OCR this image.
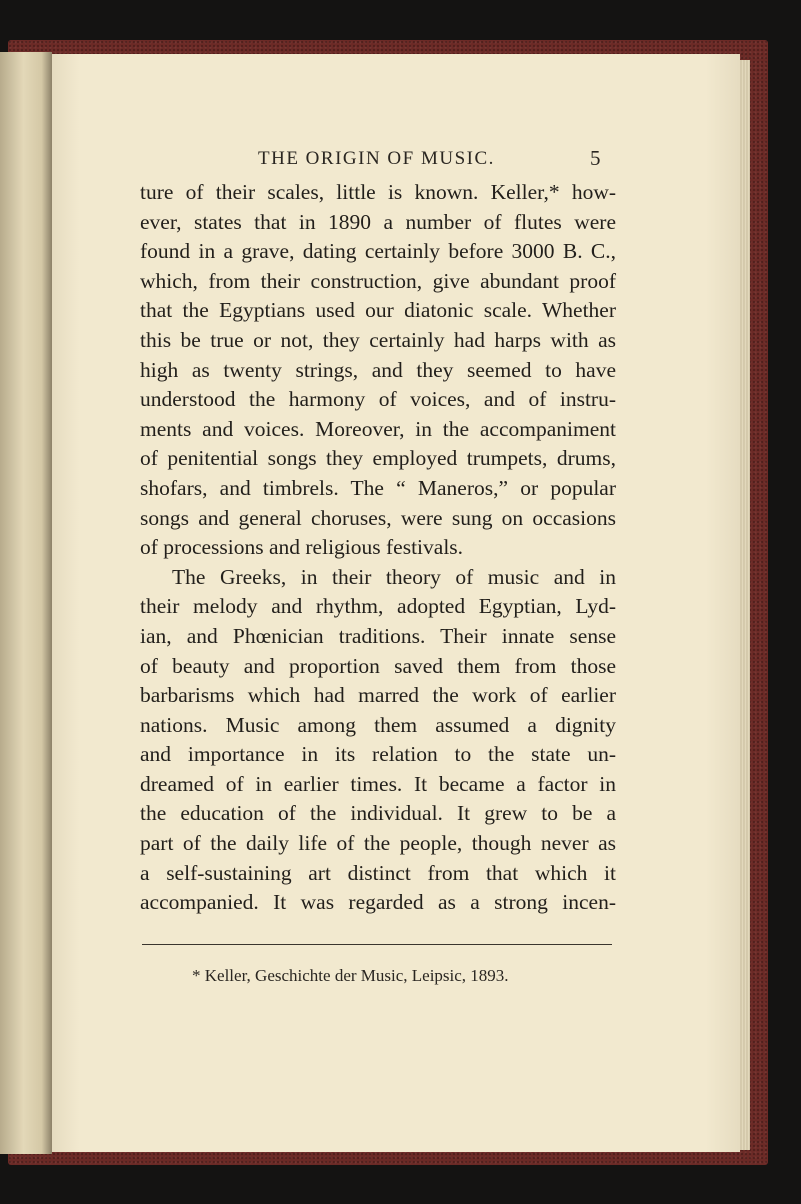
THE ORIGIN OF MUSIC.	5
ture of their scales, little is known. Keller,* how-
ever, states that in 1890 a number of flutes were
found in a grave, dating certainly before 3000 B. C.,
which, from their construction, give abundant proof
that the Egyptians used our diatonic scale. Whether
this be true or not, they certainly had harps with as
high as twenty strings, and they seemed to have
understood the harmony of voices, and of instru-
ments and voices. Moreover, in the accompaniment
of penitential songs they employed trumpets, drums,
shofars, and timbrels. The “ Maneros,” or popular
songs and general choruses, were sung on occasions
of processions and religious festivals.
The Greeks, in their theory of music and in
their melody and rhythm, adopted Egyptian, Lyd-
ian, and Phœnician traditions. Their innate sense
of beauty and proportion saved them from those
barbarisms which had marred the work of earlier
nations. Music among them assumed a dignity
and importance in its relation to the state un-
dreamed of in earlier times. It became a factor in
the education of the individual. It grew to be a
part of the daily life of the people, though never as
a self-sustaining art distinct from that which it
accompanied. It was regarded as a strong incen-
* Keller, Geschichte der Music, Leipsic, 1893.
